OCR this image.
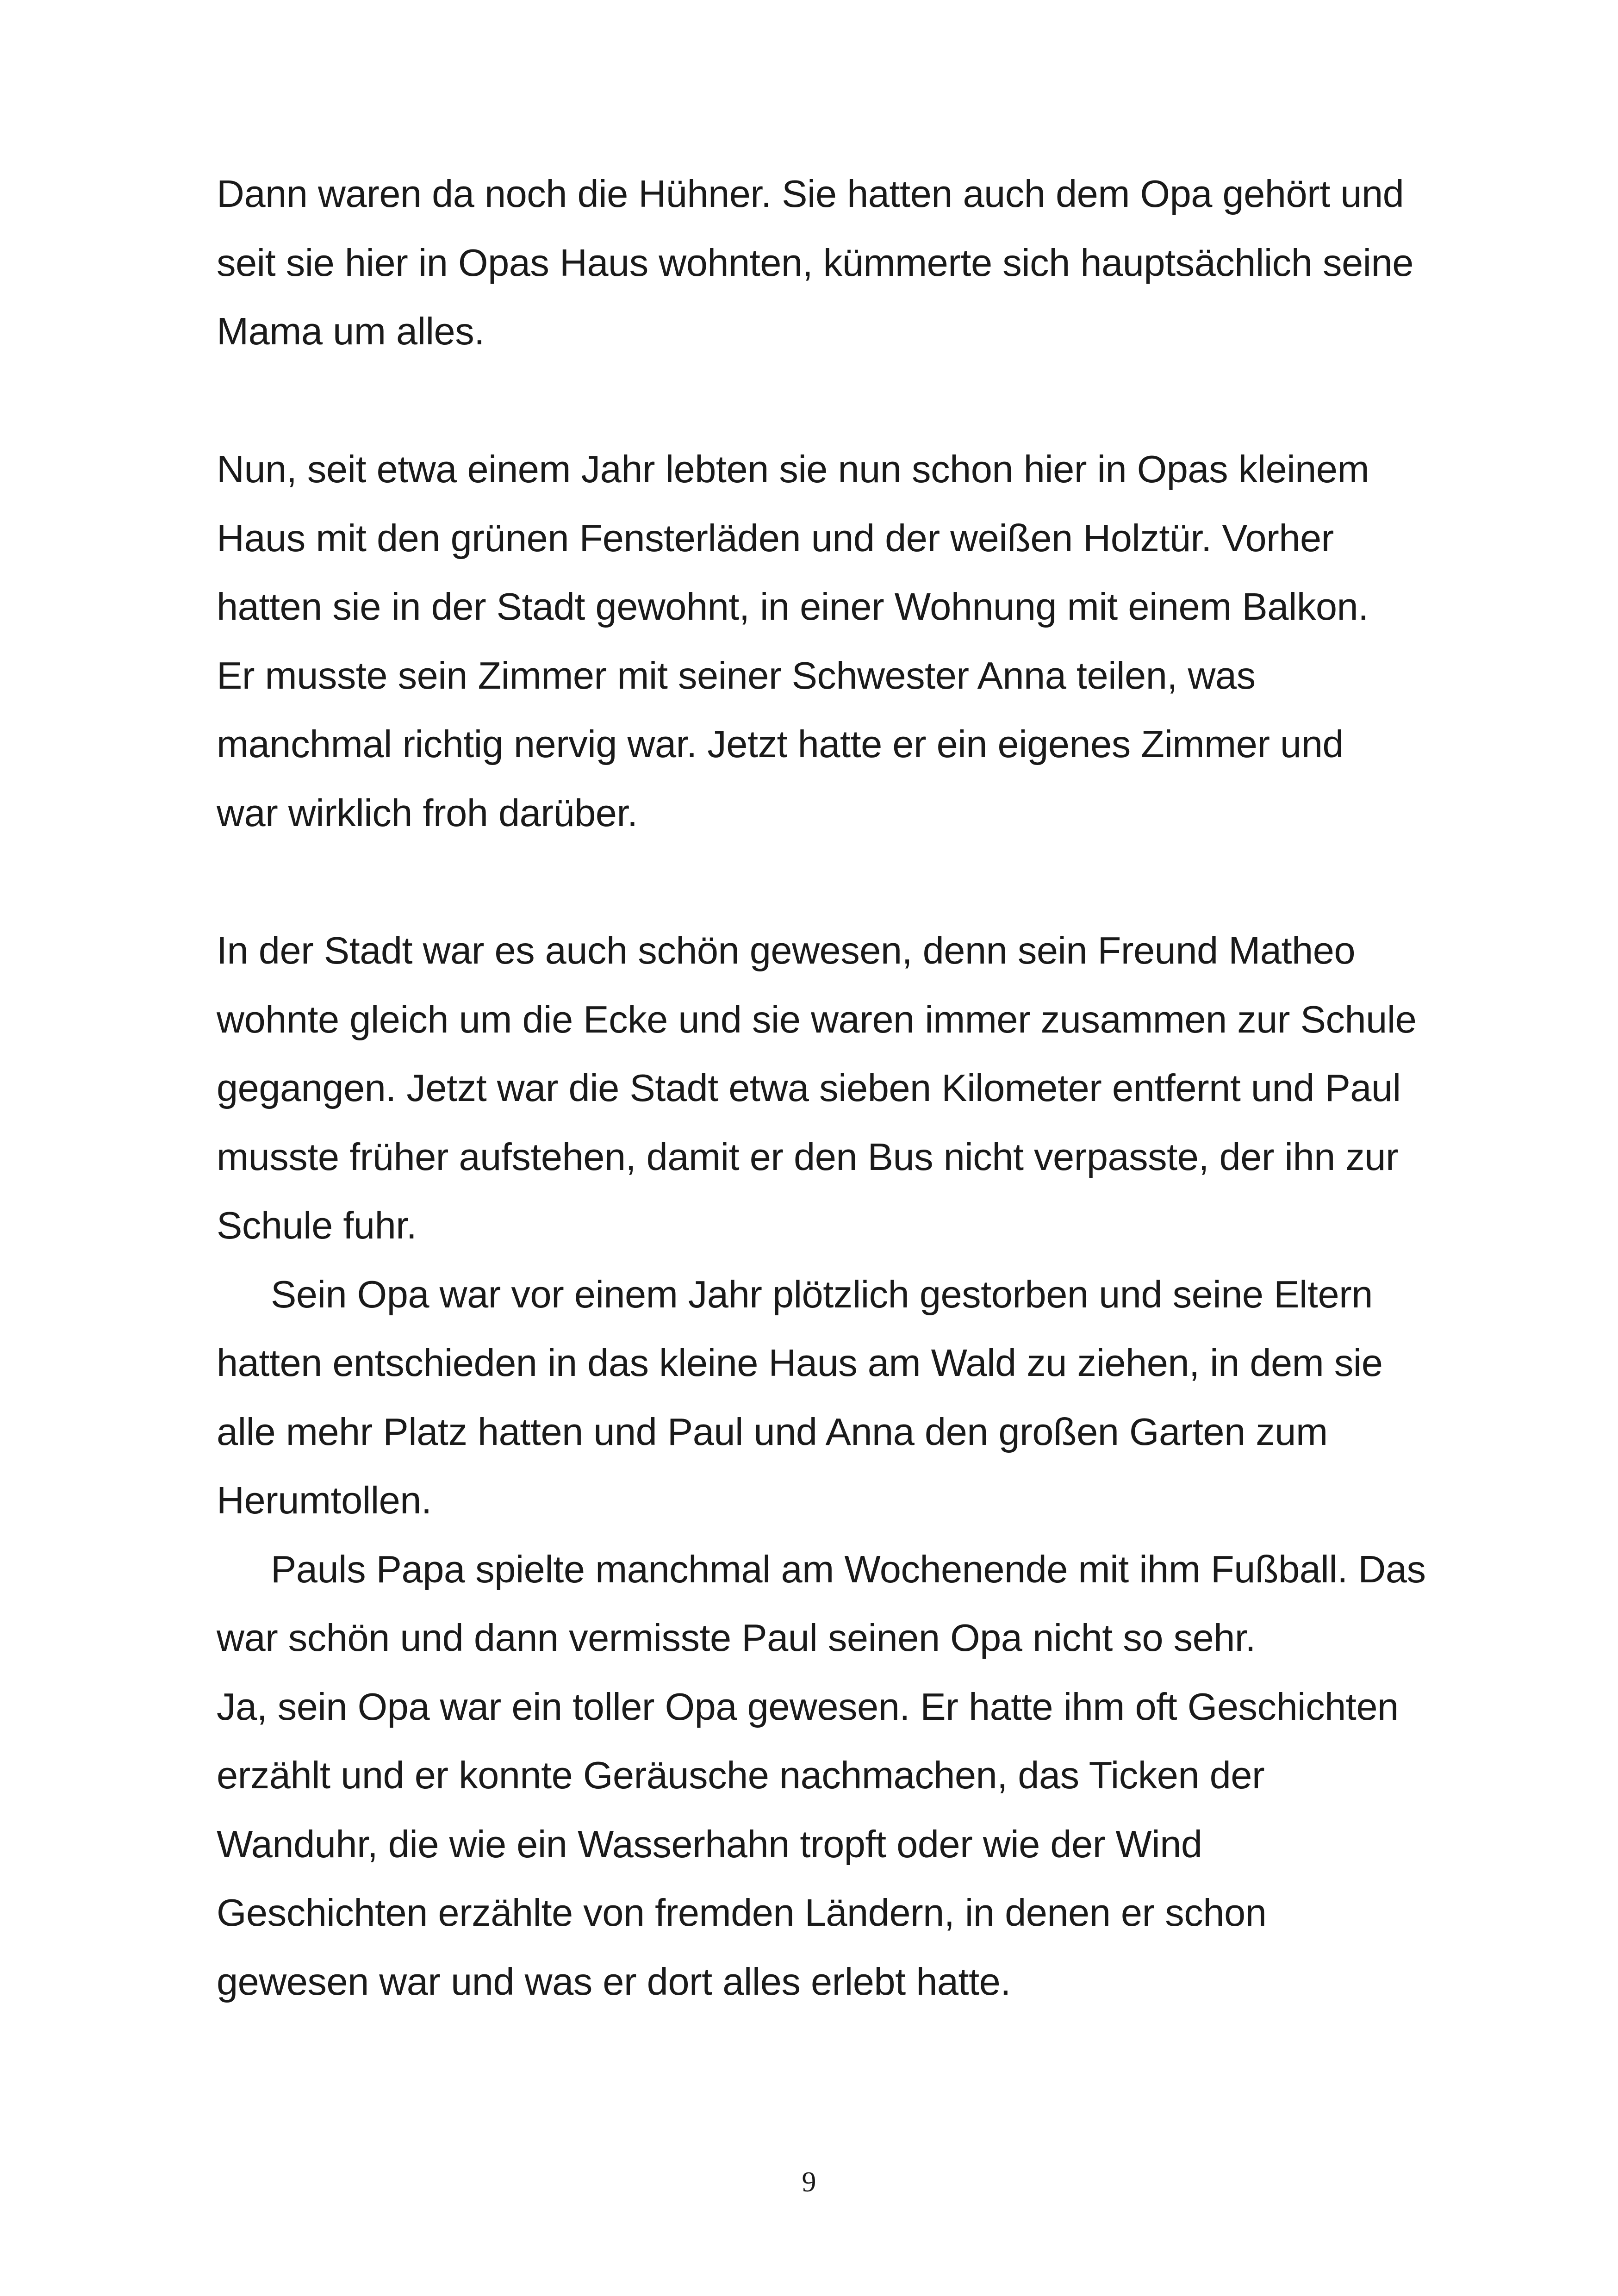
Dann waren da noch die Hühner. Sie hatten auch dem Opa gehört und
seit sie hier in Opas Haus wohnten, kümmerte sich hauptsächlich seine
Mama um alles.
Nun, seit etwa einem Jahr lebten sie nun schon hier in Opas kleinem
Haus mit den grünen Fensterläden und der weißen Holztür. Vorher
hatten sie in der Stadt gewohnt, in einer Wohnung mit einem Balkon.
Er musste sein Zimmer mit seiner Schwester Anna teilen, was
manchmal richtig nervig war. Jetzt hatte er ein eigenes Zimmer und
war wirklich froh darüber.
In der Stadt war es auch schön gewesen, denn sein Freund Matheo
wohnte gleich um die Ecke und sie waren immer zusammen zur Schule
gegangen. Jetzt war die Stadt etwa sieben Kilometer entfernt und Paul
musste früher aufstehen, damit er den Bus nicht verpasste, der ihn zur
Schule fuhr.
Sein Opa war vor einem Jahr plötzlich gestorben und seine Eltern
hatten entschieden in das kleine Haus am Wald zu ziehen, in dem sie
alle mehr Platz hatten und Paul und Anna den großen Garten zum
Herumtollen.
Pauls Papa spielte manchmal am Wochenende mit ihm Fußball. Das
war schön und dann vermisste Paul seinen Opa nicht so sehr.
Ja, sein Opa war ein toller Opa gewesen. Er hatte ihm oft Geschichten
erzählt und er konnte Geräusche nachmachen, das Ticken der
Wanduhr, die wie ein Wasserhahn tropft oder wie der Wind
Geschichten erzählte von fremden Ländern, in denen er schon
gewesen war und was er dort alles erlebt hatte.
9
